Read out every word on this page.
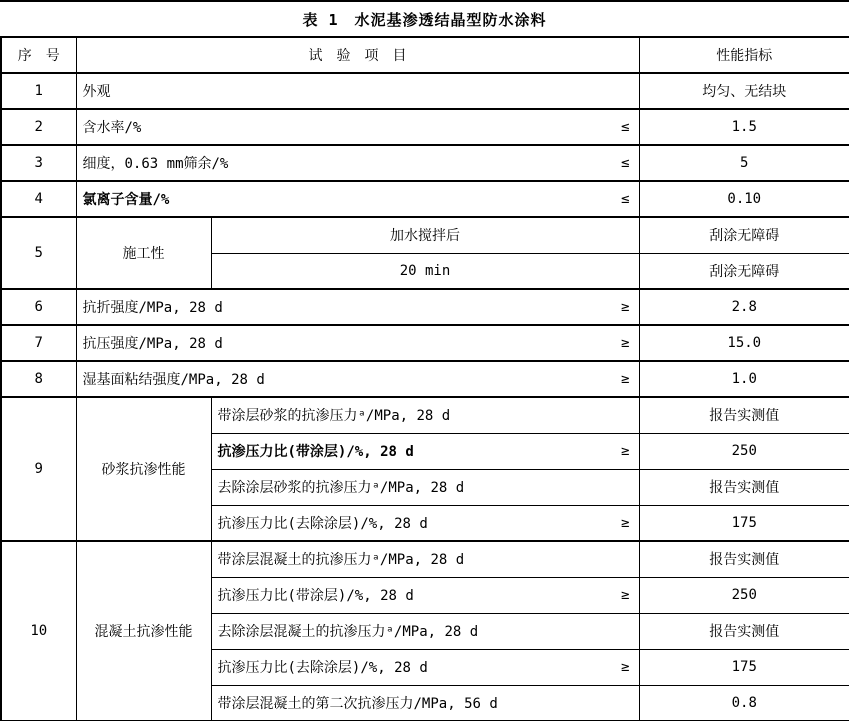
表 1　水泥基渗透结晶型防水涂料
序　号	试　验　项　目		性能指标
1	外观		均匀、无结块
2	含水率/% ≤		1.5
3	细度，0.63 mm筛余/% ≤		5
4	氯离子含量/% ≤		0.10
5	施工性	加水搅拌后	刮涂无障碍

		20 min	刮涂无障碍
6	抗折强度/MPa, 28 d ≥		2.8
7	抗压强度/MPa, 28 d ≥		15.0
8	湿基面粘结强度/MPa, 28 d ≥		1.0
9	砂浆抗渗性能	带涂层砂浆的抗渗压力ᵃ/MPa, 28 d	报告实测值

		抗渗压力比(带涂层)/%, 28 d ≥	250

		去除涂层砂浆的抗渗压力ᵃ/MPa, 28 d	报告实测值

		抗渗压力比(去除涂层)/%, 28 d ≥	175
10	混凝土抗渗性能	带涂层混凝土的抗渗压力ᵃ/MPa, 28 d	报告实测值

		抗渗压力比(带涂层)/%, 28 d ≥	250

		去除涂层混凝土的抗渗压力ᵃ/MPa, 28 d	报告实测值

		抗渗压力比(去除涂层)/%, 28 d ≥	175

		带涂层混凝土的第二次抗渗压力/MPa, 56 d	0.8
